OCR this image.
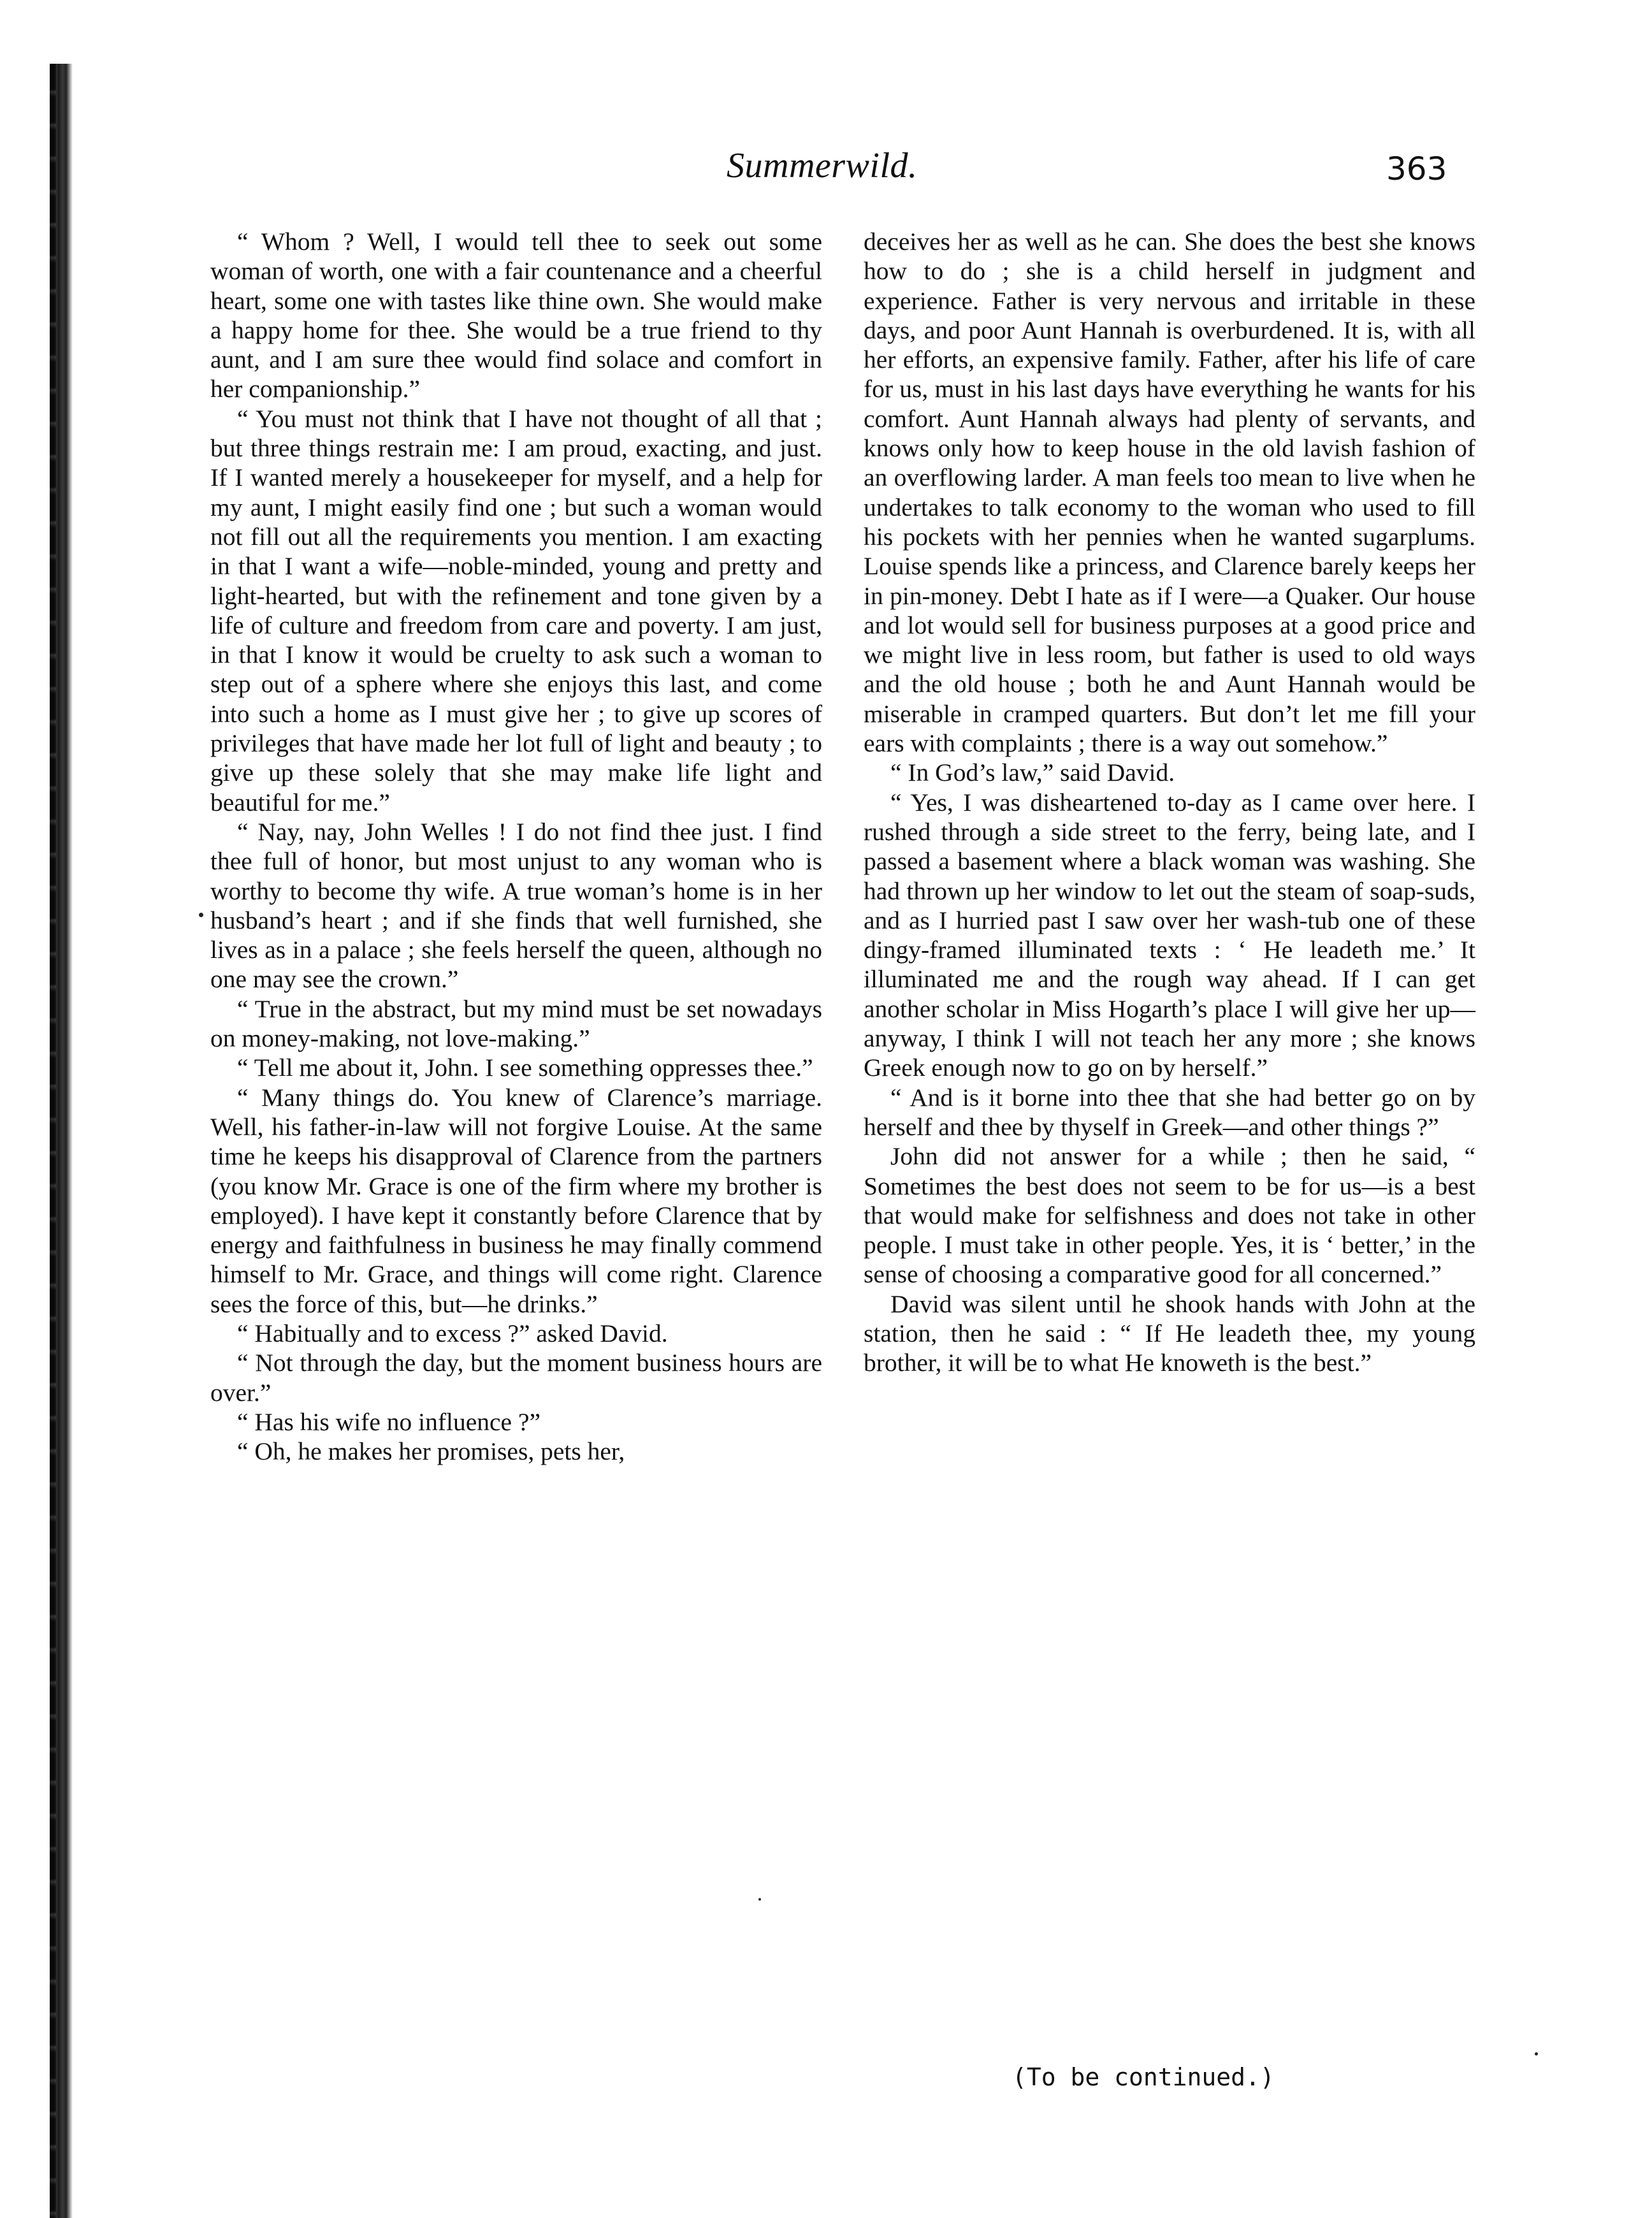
Summerwild.	363

“ Whom ? Well, I would tell thee to seek out some woman of worth, one with a fair countenance and a cheerful heart, some one with tastes like thine own. She would make a happy home for thee. She would be a true friend to thy aunt, and I am sure thee would find solace and comfort in her companionship.”

“ You must not think that I have not thought of all that ; but three things restrain me: I am proud, exacting, and just. If I wanted merely a housekeeper for myself, and a help for my aunt, I might easily find one ; but such a woman would not fill out all the requirements you mention. I am exacting in that I want a wife—noble-minded, young and pretty and light-hearted, but with the refinement and tone given by a life of culture and freedom from care and poverty. I am just, in that I know it would be cruelty to ask such a woman to step out of a sphere where she enjoys this last, and come into such a home as I must give her ; to give up scores of privileges that have made her lot full of light and beauty ; to give up these solely that she may make life light and beautiful for me.”

“ Nay, nay, John Welles ! I do not find thee just. I find thee full of honor, but most unjust to any woman who is worthy to become thy wife. A true woman’s home is in her husband’s heart ; and if she finds that well furnished, she lives as in a palace ; she feels herself the queen, although no one may see the crown.”

“ True in the abstract, but my mind must be set nowadays on money-making, not love-making.”

“ Tell me about it, John. I see something oppresses thee.”

“ Many things do. You knew of Clarence’s marriage. Well, his father-in-law will not forgive Louise. At the same time he keeps his disapproval of Clarence from the partners (you know Mr. Grace is one of the firm where my brother is employed). I have kept it constantly before Clarence that by energy and faithfulness in business he may finally commend himself to Mr. Grace, and things will come right. Clarence sees the force of this, but—he drinks.”

“ Habitually and to excess ?” asked David.

“ Not through the day, but the moment business hours are over.”

“ Has his wife no influence ?”

“ Oh, he makes her promises, pets her,

deceives her as well as he can. She does the best she knows how to do ; she is a child herself in judgment and experience. Father is very nervous and irritable in these days, and poor Aunt Hannah is overburdened. It is, with all her efforts, an expensive family. Father, after his life of care for us, must in his last days have everything he wants for his comfort. Aunt Hannah always had plenty of servants, and knows only how to keep house in the old lavish fashion of an overflowing larder. A man feels too mean to live when he undertakes to talk economy to the woman who used to fill his pockets with her pennies when he wanted sugarplums. Louise spends like a princess, and Clarence barely keeps her in pin-money. Debt I hate as if I were—a Quaker. Our house and lot would sell for business purposes at a good price and we might live in less room, but father is used to old ways and the old house ; both he and Aunt Hannah would be miserable in cramped quarters. But don’t let me fill your ears with complaints ; there is a way out somehow.”

“ In God’s law,” said David.

“ Yes, I was disheartened to-day as I came over here. I rushed through a side street to the ferry, being late, and I passed a basement where a black woman was washing. She had thrown up her window to let out the steam of soap-suds, and as I hurried past I saw over her wash-tub one of these dingy-framed illuminated texts : ‘ He leadeth me.’ It illuminated me and the rough way ahead. If I can get another scholar in Miss Hogarth’s place I will give her up—anyway, I think I will not teach her any more ; she knows Greek enough now to go on by herself.”

“ And is it borne into thee that she had better go on by herself and thee by thyself in Greek—and other things ?”

John did not answer for a while ; then he said, “ Sometimes the best does not seem to be for us—is a best that would make for selfishness and does not take in other people. I must take in other people. Yes, it is ‘ better,’ in the sense of choosing a comparative good for all concerned.”

David was silent until he shook hands with John at the station, then he said : “ If He leadeth thee, my young brother, it will be to what He knoweth is the best.”

(To be continued.)
